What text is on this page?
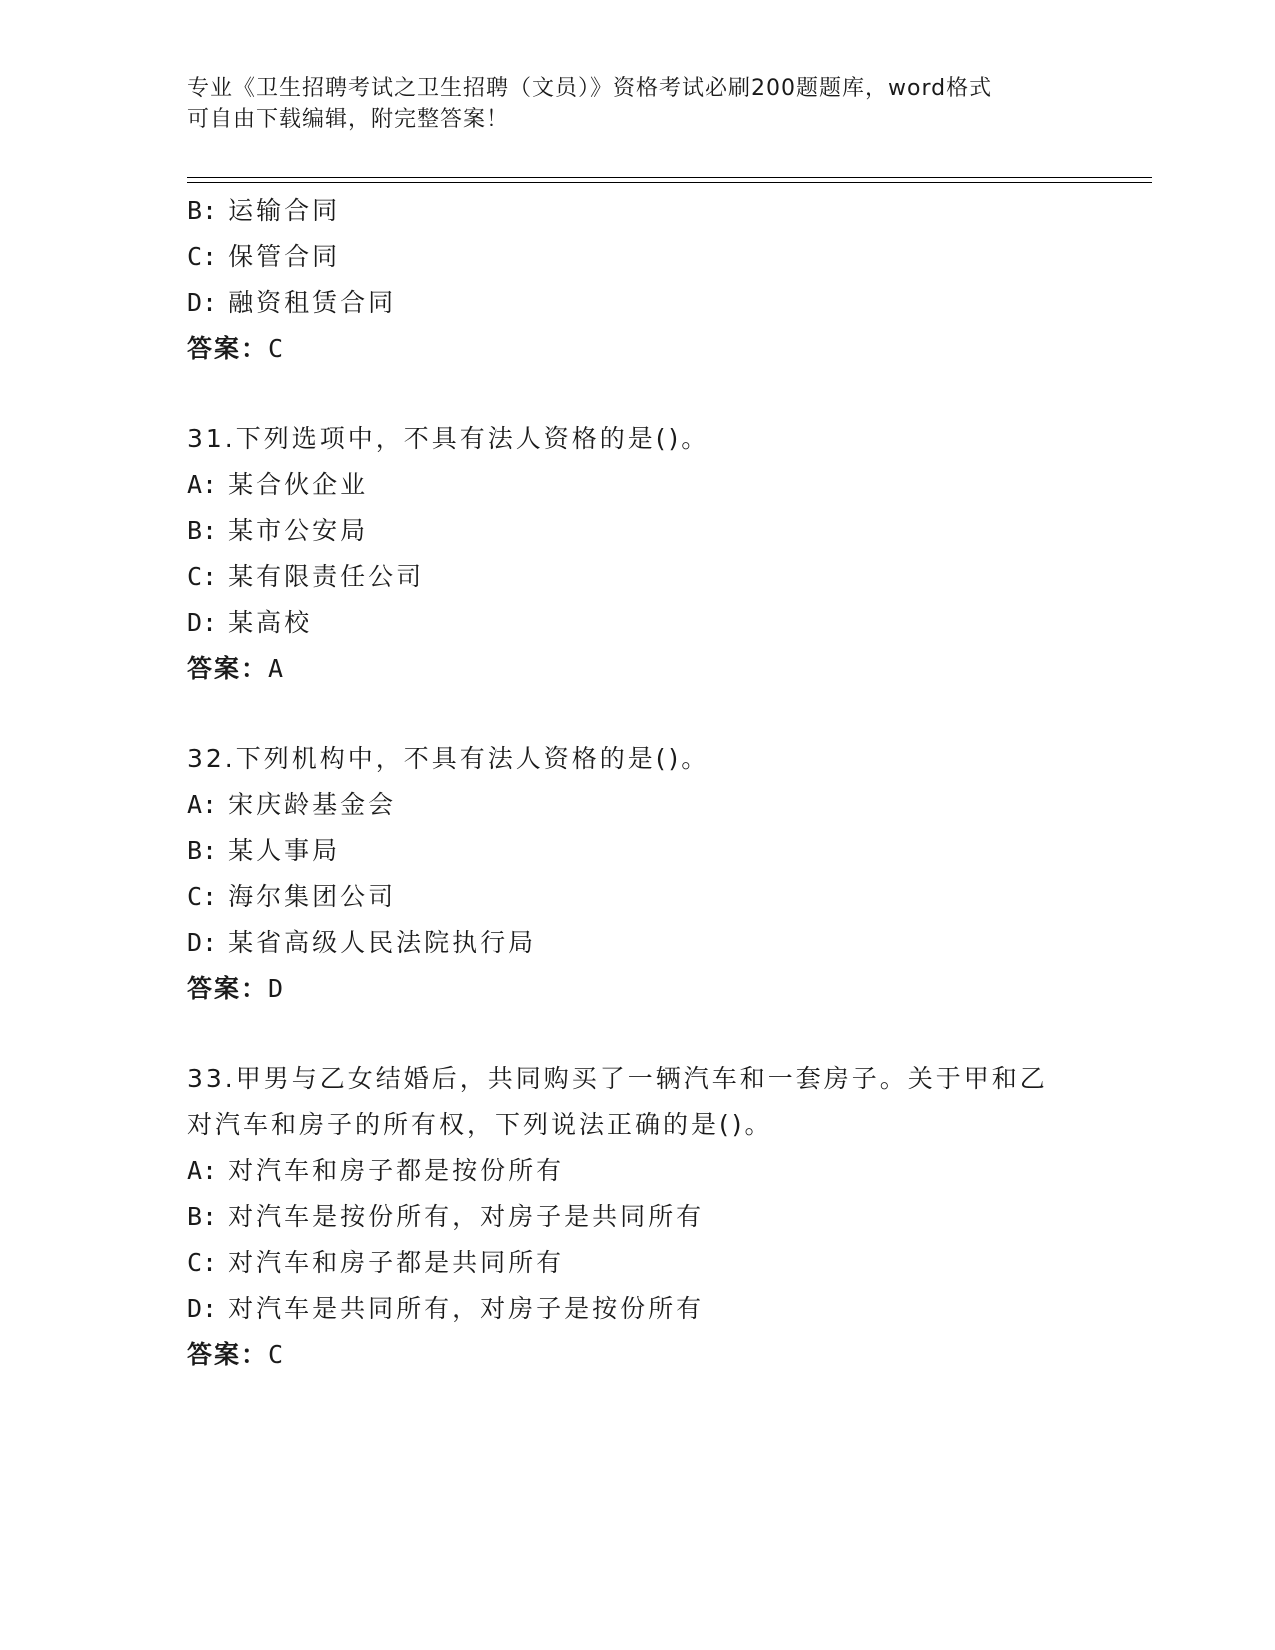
专业《卫生招聘考试之卫生招聘（文员）》资格考试必刷200题题库，word格式
可自由下载编辑，附完整答案！
B: 运输合同
C: 保管合同
D: 融资租赁合同
答案：C
31.下列选项中，不具有法人资格的是()。
A: 某合伙企业
B: 某市公安局
C: 某有限责任公司
D: 某高校
答案：A
32.下列机构中，不具有法人资格的是()。
A: 宋庆龄基金会
B: 某人事局
C: 海尔集团公司
D: 某省高级人民法院执行局
答案：D
33.甲男与乙女结婚后，共同购买了一辆汽车和一套房子。关于甲和乙
对汽车和房子的所有权，下列说法正确的是()。
A: 对汽车和房子都是按份所有
B: 对汽车是按份所有，对房子是共同所有
C: 对汽车和房子都是共同所有
D: 对汽车是共同所有，对房子是按份所有
答案：C
